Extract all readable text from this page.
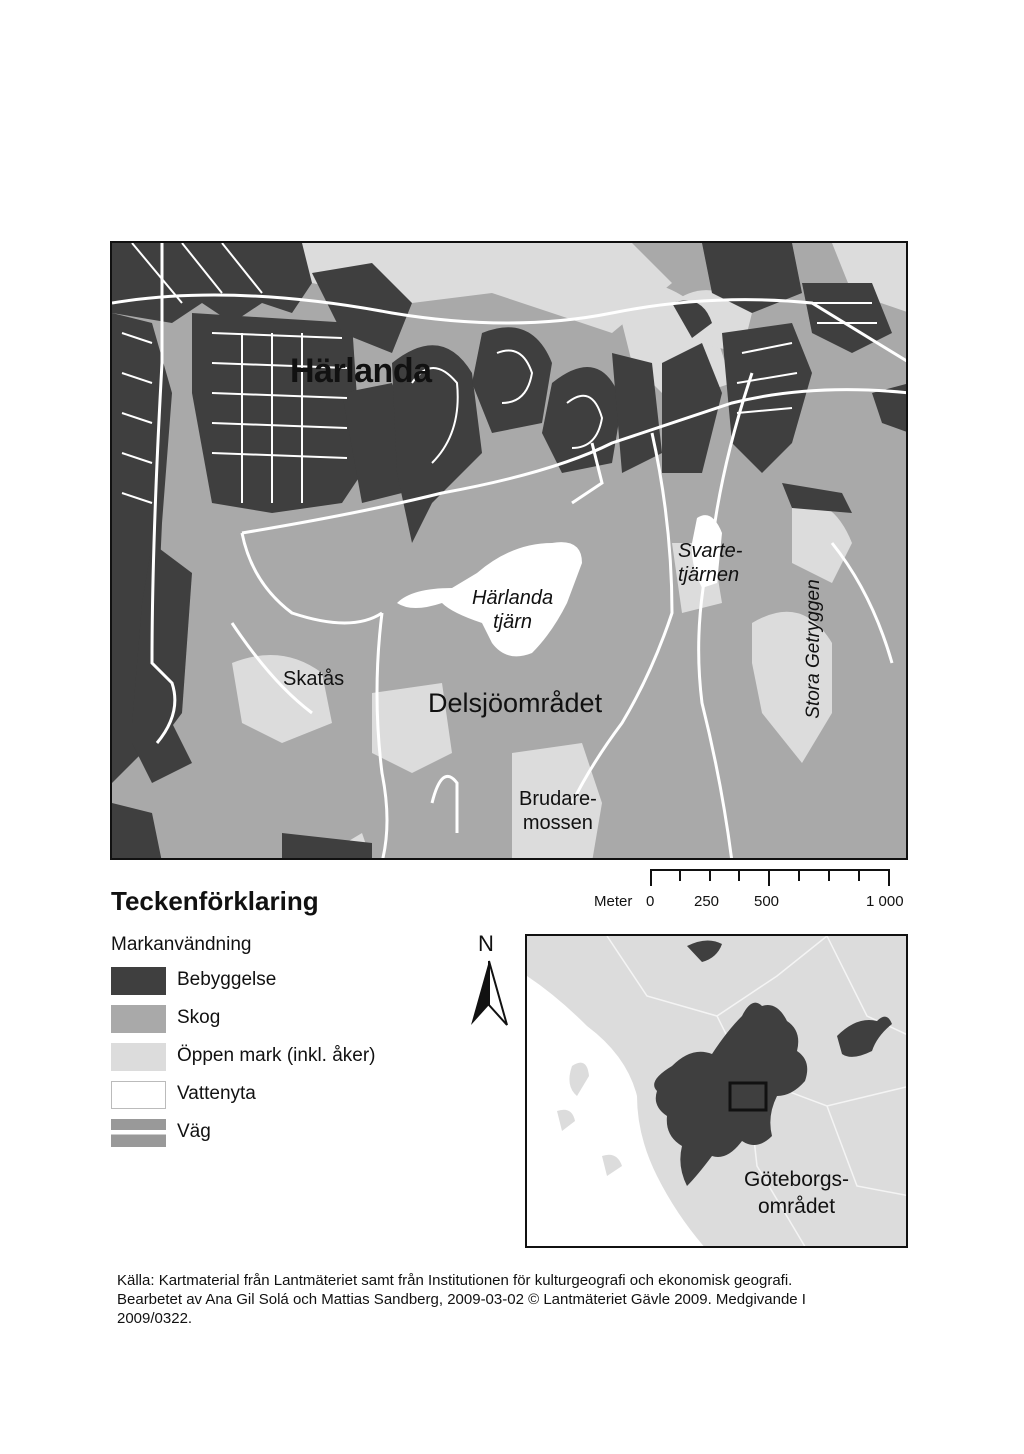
Härlanda
Delsjöområdet
Skatås
Härlanda
tjärn
Svarte-
tjärnen
Brudare-
mossen
Stora Getryggen
Meter 0	250 500	1 000
Teckenförklaring
Markanvändning
Bebyggelse
Skog
Öppen mark (inkl. åker)
Vattenyta
Väg
N
Göteborgs-
området
Källa: Kartmaterial från Lantmäteriet samt från Institutionen för kulturgeografi och ekonomisk geografi.
Bearbetet av Ana Gil Solá och Mattias Sandberg, 2009-03-02 © Lantmäteriet Gävle 2009. Medgivande I
2009/0322.
